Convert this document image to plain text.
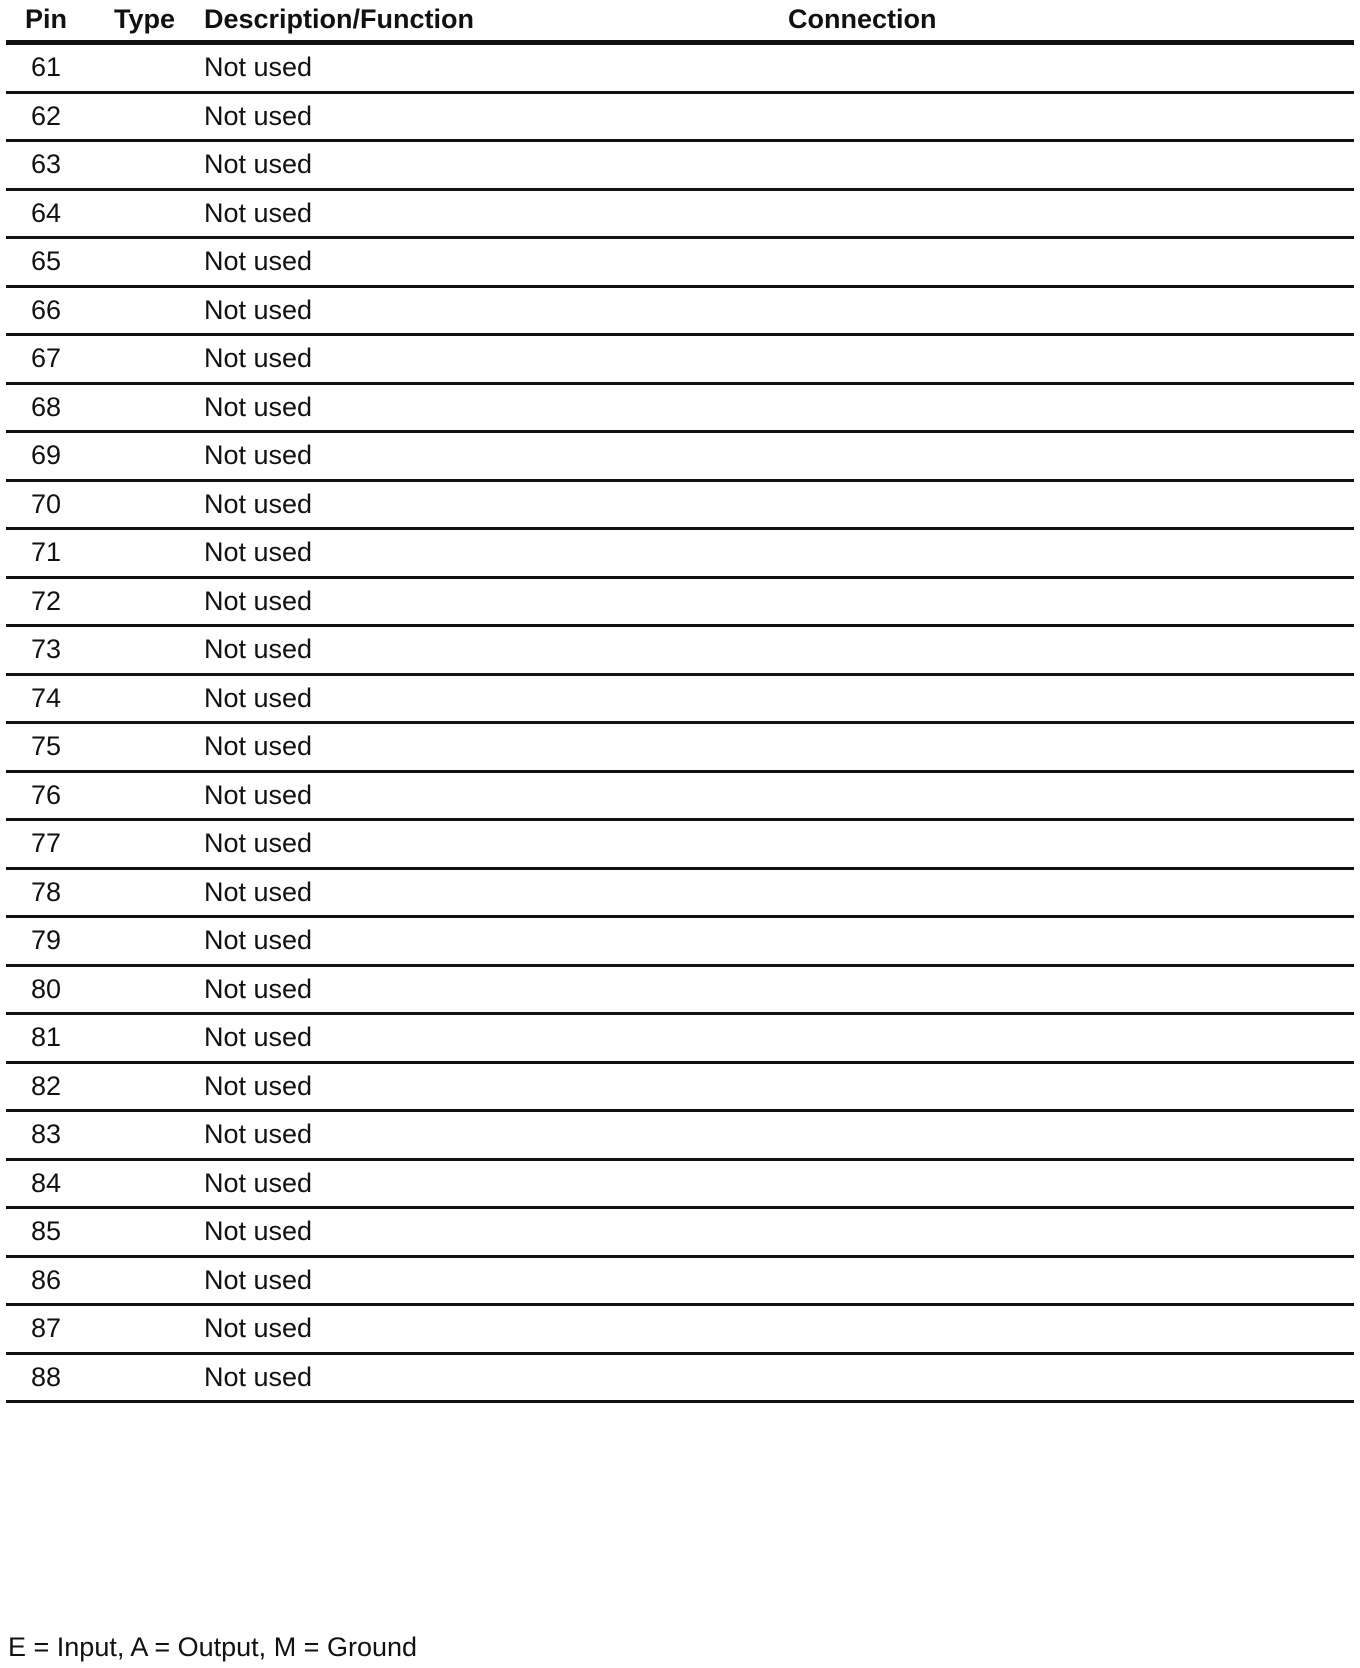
Pin	Type	Description/Function	Connection
61		Not used	
62		Not used	
63		Not used	
64		Not used	
65		Not used	
66		Not used	
67		Not used	
68		Not used	
69		Not used	
70		Not used	
71		Not used	
72		Not used	
73		Not used	
74		Not used	
75		Not used	
76		Not used	
77		Not used	
78		Not used	
79		Not used	
80		Not used	
81		Not used	
82		Not used	
83		Not used	
84		Not used	
85		Not used	
86		Not used	
87		Not used	
88		Not used	
E = Input, A = Output, M = Ground
